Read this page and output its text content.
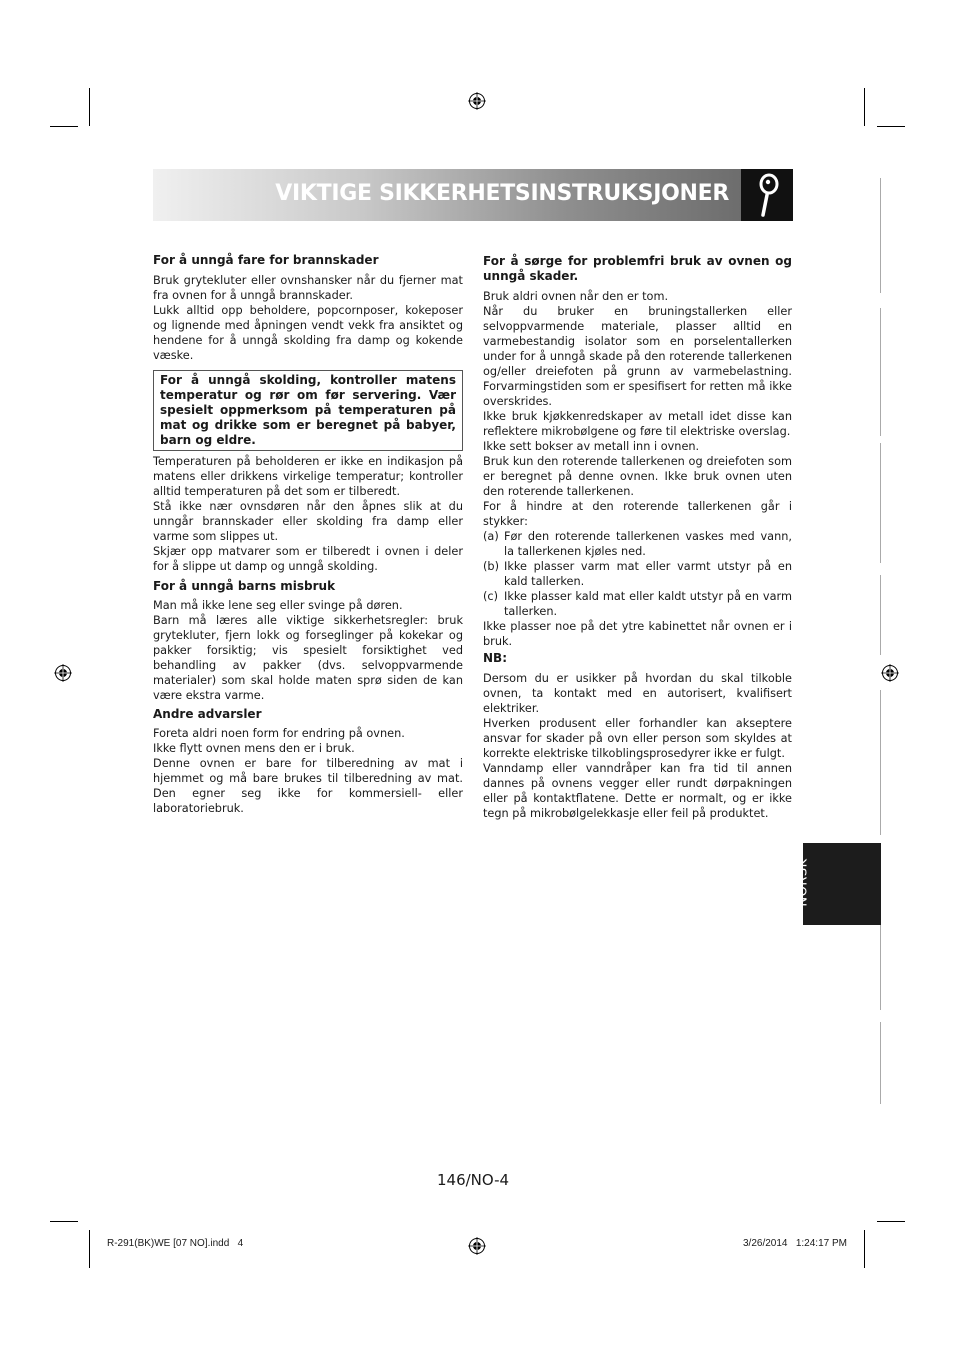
VIKTIGE SIKKERHETSINSTRUKSJONER
For å unngå fare for brannskader

Bruk grytekluter eller ovnshansker når du fjerner mat fra ovnen for å unngå brannskader.

Lukk alltid opp beholdere, popcornposer, kokeposer og lignende med åpningen vendt vekk fra ansiktet og hendene for å unngå skolding fra damp og kokende væske.

For å unngå skolding, kontroller matens temperatur og rør om før servering. Vær spesielt oppmerksom på temperaturen på mat og drikke som er beregnet på babyer, barn og eldre.

Temperaturen på beholderen er ikke en indikasjon på matens eller drikkens virkelige temperatur; kontroller alltid temperaturen på det som er tilberedt.

Stå ikke nær ovnsdøren når den åpnes slik at du unngår brannskader eller skolding fra damp eller varme som slippes ut.

Skjær opp matvarer som er tilberedt i ovnen i deler for å slippe ut damp og unngå skolding.

For å unngå barns misbruk

Man må ikke lene seg eller svinge på døren.

Barn må læres alle viktige sikkerhetsregler: bruk grytekluter, fjern lokk og forseglinger på kokekar og pakker forsiktig; vis spesielt forsiktighet ved behandling av pakker (dvs. selvoppvarmende materialer) som skal holde maten sprø siden de kan være ekstra varme.

Andre advarsler

Foreta aldri noen form for endring på ovnen.

Ikke flytt ovnen mens den er i bruk.

Denne ovnen er bare for tilberedning av mat i hjemmet og må bare brukes til tilberedning av mat. Den egner seg ikke for kommersiell- eller laboratoriebruk.

For å sørge for problemfri bruk av ovnen og unngå skader.

Bruk aldri ovnen når den er tom.

Når du bruker en bruningstallerken eller selvoppvarmende materiale, plasser alltid en varmebestandig isolator som en porselentallerken under for å unngå skade på den roterende tallerkenen og/eller dreiefoten på grunn av varmebelastning. Forvarmingstiden som er spesifisert for retten må ikke overskrides.

Ikke bruk kjøkkenredskaper av metall idet disse kan reflektere mikrobølgene og føre til elektriske overslag.

Ikke sett bokser av metall inn i ovnen.

Bruk kun den roterende tallerkenen og dreiefoten som er beregnet på denne ovnen. Ikke bruk ovnen uten den roterende tallerkenen.

For å hindre at den roterende tallerkenen går i stykker:

(a) Før den roterende tallerkenen vaskes med vann, la tallerkenen kjøles ned.
(b) Ikke plasser varm mat eller varmt utstyr på en kald tallerken.
(c) Ikke plasser kald mat eller kaldt utstyr på en varm tallerken.

Ikke plasser noe på det ytre kabinettet når ovnen er i bruk.

NB:

Dersom du er usikker på hvordan du skal tilkoble ovnen, ta kontakt med en autorisert, kvalifisert elektriker.

Hverken produsent eller forhandler kan akseptere ansvar for skader på ovn eller person som skyldes at korrekte elektriske tilkoblingsprosedyrer ikke er fulgt.

Vanndamp eller vanndråper kan fra tid til annen dannes på ovnens vegger eller rundt dørpakningen eller på kontaktflatene. Dette er normalt, og er ikke tegn på mikrobølgelekkasje eller feil på produktet.

NORSK
146/NO-4
R-291(BK)WE [07 NO].indd   4	3/26/2014   1:24:17 PM
